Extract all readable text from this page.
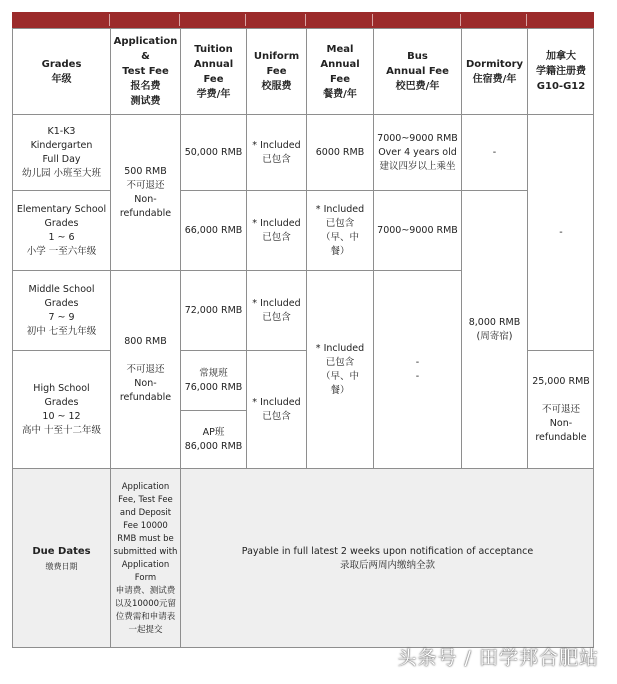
Grades
年级
Application
&
Test Fee
报名费
测试费
Tuition
Annual
Fee
学费/年
Uniform
Fee
校服费
Meal
Annual
Fee
餐费/年
Bus
Annual Fee
校巴费/年
Dormitory
住宿费/年
加拿大
学籍注册费
G10-G12
K1-K3
Kindergarten
Full Day
幼儿园 小班至大班
Elementary School
Grades
1 ~ 6
小学 一至六年级
Middle School
Grades
7 ~ 9
初中 七至九年级
High School
Grades
10 ~ 12
高中 十至十二年级
500 RMB
不可退还
Non-
refundable
800 RMB

不可退还
Non-
refundable
50,000 RMB
66,000 RMB
72,000 RMB
常规班
76,000 RMB
AP班
86,000 RMB
* Included
已包含
* Included
已包含
* Included
已包含
* Included
已包含
6000 RMB
* Included
已包含
（早、中
餐）
* Included
已包含
（早、中
餐）
7000~9000 RMB
Over 4 years old
建议四岁以上乘坐
7000~9000 RMB
-
-
-
8,000 RMB
(周寄宿)
-
25,000 RMB

不可退还
Non-
refundable
Due Dates
缴费日期
Application
Fee, Test Fee
and Deposit
Fee 10000
RMB must be
submitted with
Application
Form
申请费、测试费
以及10000元留
位费需和申请表
一起提交
Payable in full latest 2 weeks upon notification of acceptance
录取后两周内缴纳全款
头条号 / 田学邦合肥站
